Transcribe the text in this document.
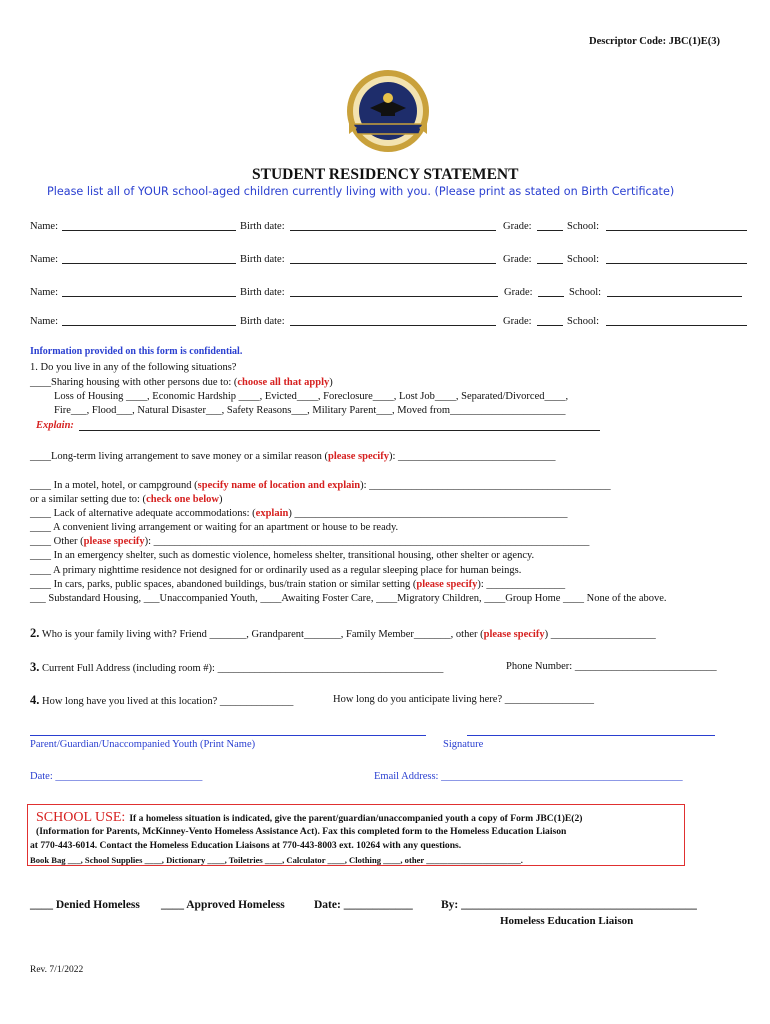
Descriptor Code: JBC(1)E(3)
STUDENT RESIDENCY STATEMENT
Please list all of YOUR school-aged children currently living with you. (Please print as stated on Birth Certificate)
Name:	Birth date:	Grade:	School:
Name:	Birth date:	Grade:	School:
Name:	Birth date:	Grade:	School:
Name:	Birth date:	Grade:	School:
Information provided on this form is confidential.
1. Do you live in any of the following situations?
____Sharing housing with other persons due to: (choose all that apply)
Loss of Housing ____, Economic Hardship ____, Evicted____, Foreclosure____, Lost Job____, Separated/Divorced____,
Fire___, Flood___, Natural Disaster___, Safety Reasons___, Military Parent___, Moved from______________________
Explain:
____Long-term living arrangement to save money or a similar reason (please specify): ______________________________
____ In a motel, hotel, or campground (specify name of location and explain): ______________________________________________
or a similar setting due to: (check one below)
____ Lack of alternative adequate accommodations: (explain) ____________________________________________________
____ A convenient living arrangement or waiting for an apartment or house to be ready.
____ Other (please specify): ___________________________________________________________________________________
____ In an emergency shelter, such as domestic violence, homeless shelter, transitional housing, other shelter or agency.
____ A primary nighttime residence not designed for or ordinarily used as a regular sleeping place for human beings.
____ In cars, parks, public spaces, abandoned buildings, bus/train station or similar setting (please specify): _______________
___ Substandard Housing, ___Unaccompanied Youth, ____Awaiting Foster Care, ____Migratory Children, ____Group Home ____ None of the above.
2. Who is your family living with? Friend _______, Grandparent_______, Family Member_______, other (please specify) ____________________
3. Current Full Address (including room #): ___________________________________________	Phone Number: ___________________________
4. How long have you lived at this location? ______________	How long do you anticipate living here? _________________
Parent/Guardian/Unaccompanied Youth (Print Name)	Signature
Date: ____________________________	Email Address: ______________________________________________
SCHOOL USE: If a homeless situation is indicated, give the parent/guardian/unaccompanied youth a copy of Form JBC(1)E(2)
(Information for Parents, McKinney-Vento Homeless Assistance Act). Fax this completed form to the Homeless Education Liaison
at 770-443-6014. Contact the Homeless Education Liaisons at 770-443-8003 ext. 10264 with any questions.
Book Bag ___, School Supplies ____, Dictionary ____, Toiletries ____, Calculator ____, Clothing ____, other ______________________.
____ Denied Homeless ____ Approved Homeless	Date: ____________ By: _________________________________________
Homeless Education Liaison
Rev. 7/1/2022
